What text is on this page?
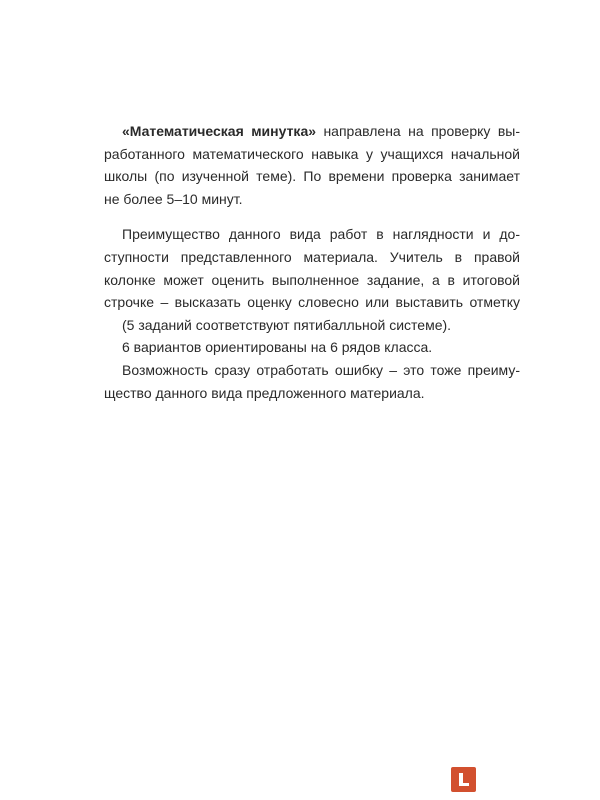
«Математическая минутка» направлена на проверку вы-
работанного математического навыка у учащихся начальной
школы (по изученной теме). По времени проверка занимает
не более 5–10 минут.
Преимущество данного вида работ в наглядности и до-
ступности представленного материала. Учитель в правой
колонке может оценить выполненное задание, а в итоговой
строчке – высказать оценку словесно или выставить отметку
(5 заданий соответствуют пятибалльной системе).
6 вариантов ориентированы на 6 рядов класса.
Возможность сразу отработать ошибку – это тоже преиму-
щество данного вида предложенного материала.
